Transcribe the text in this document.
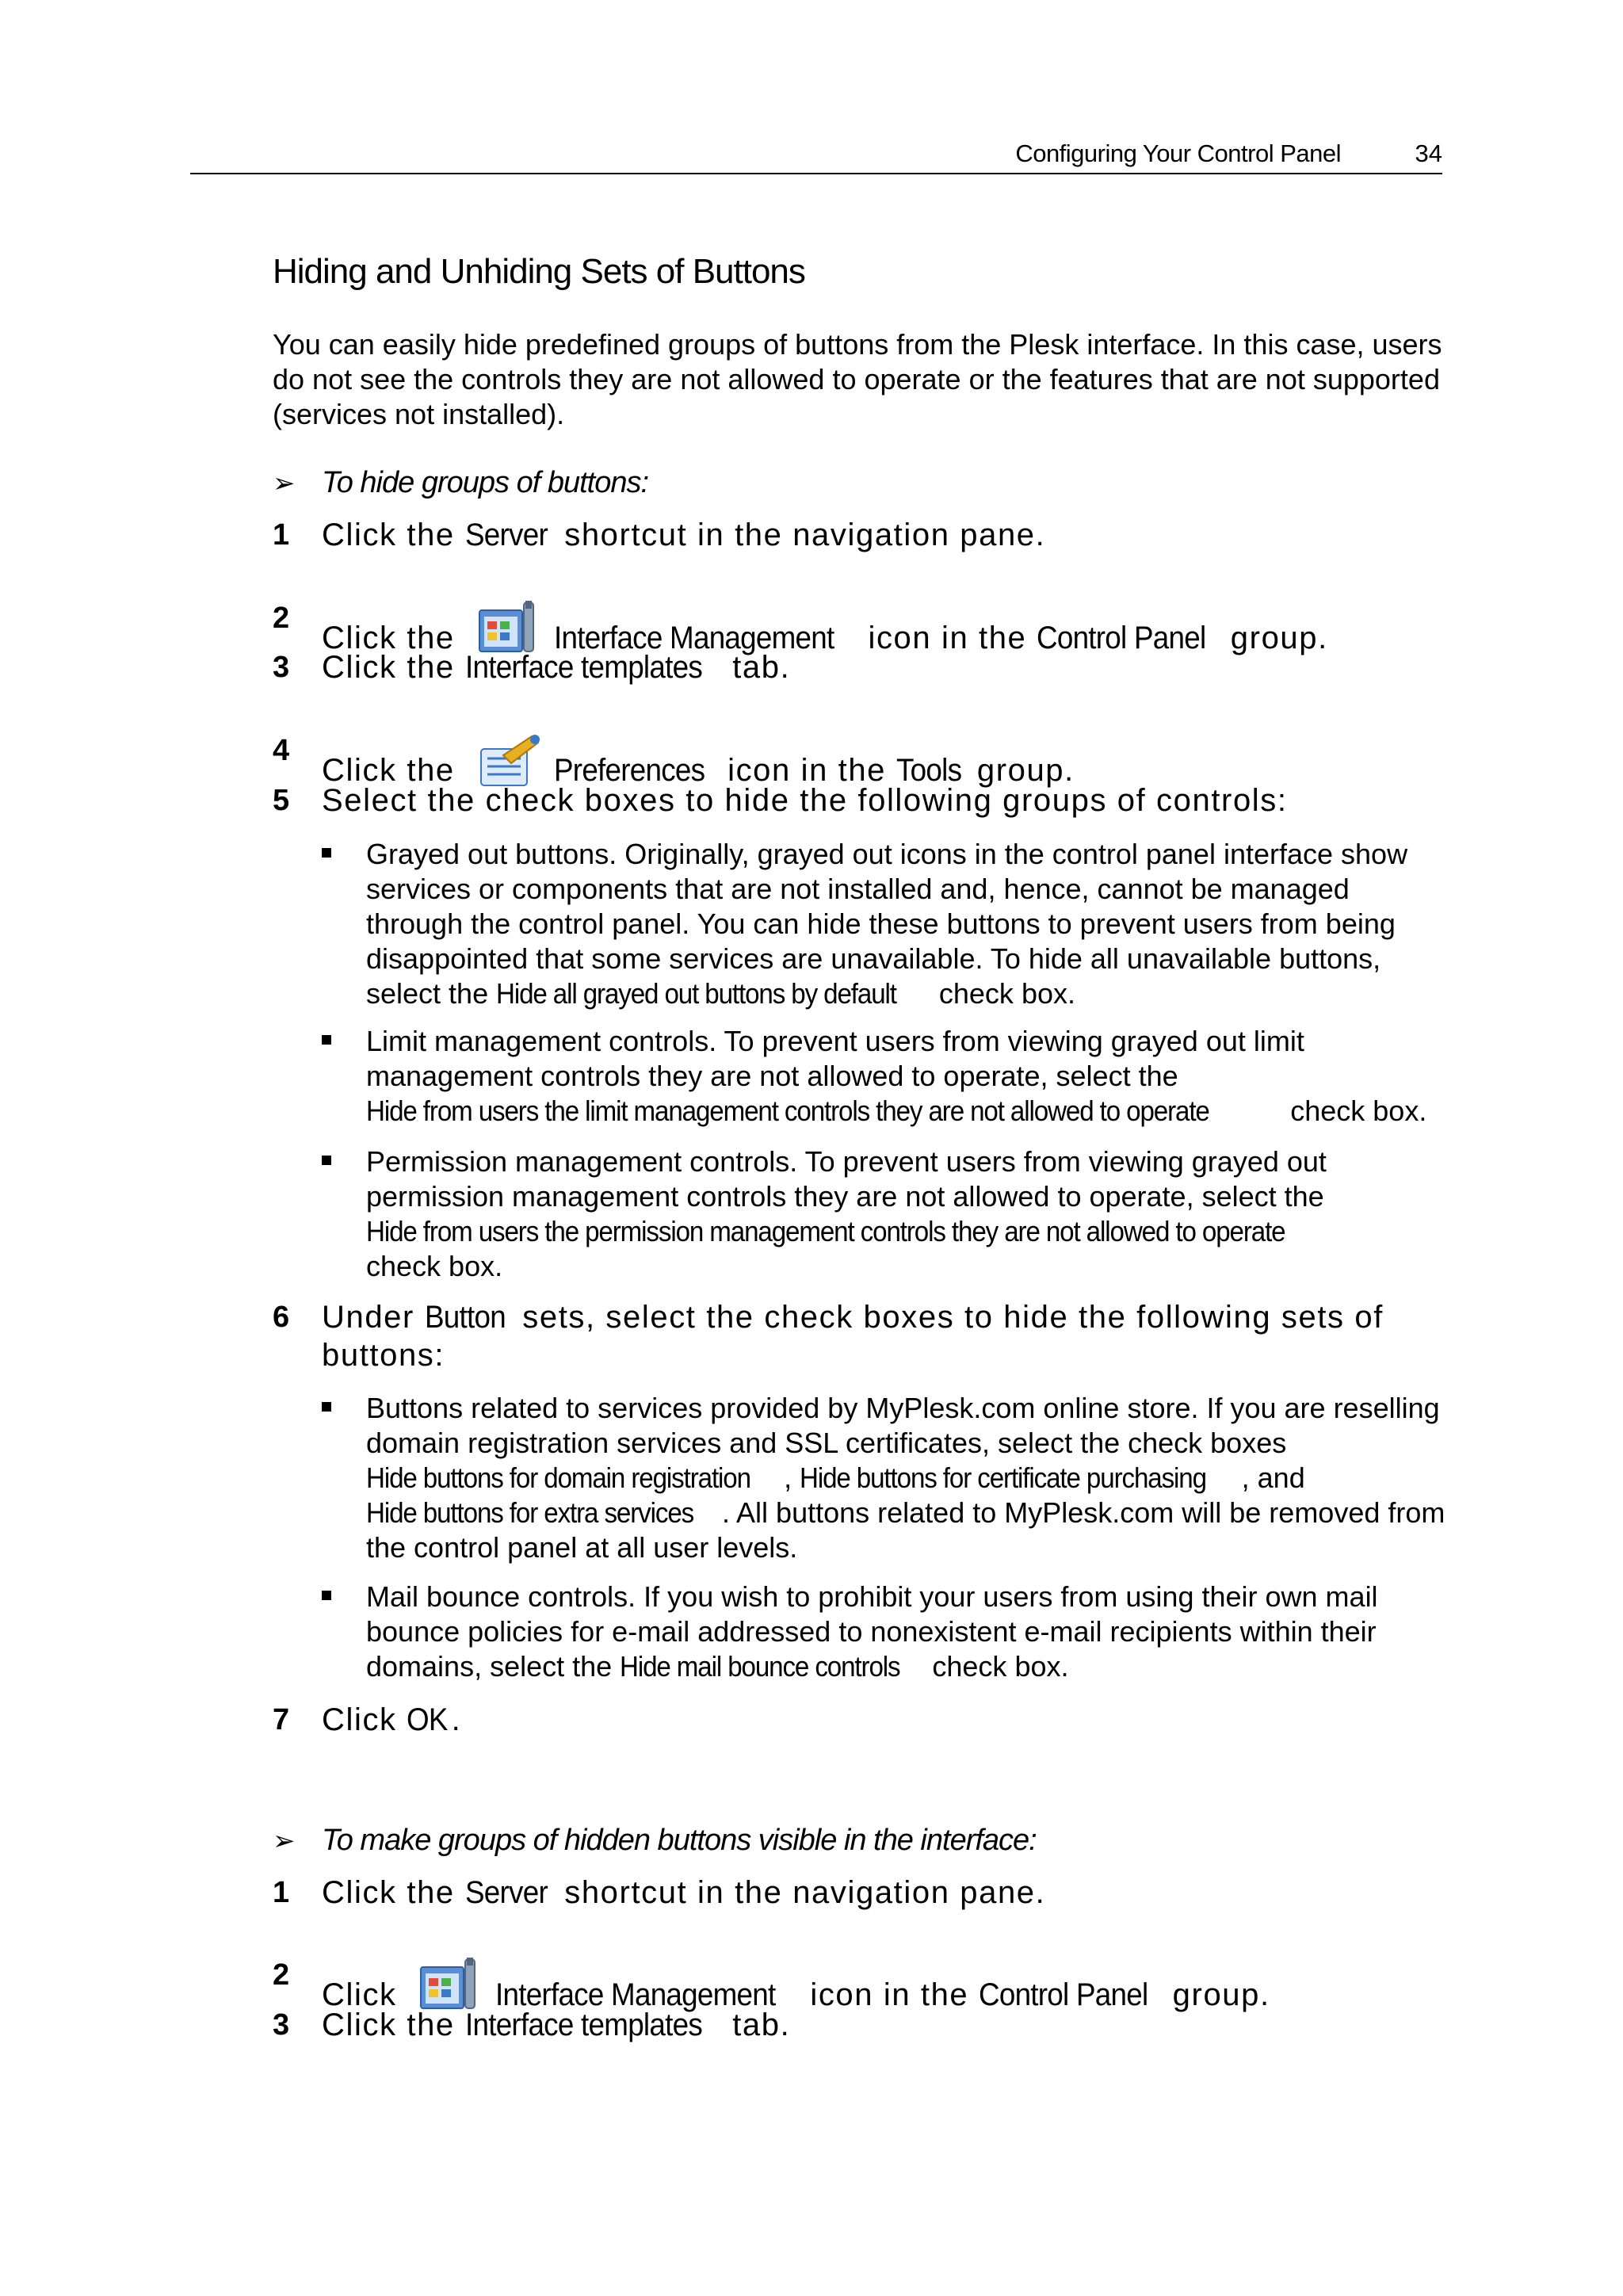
Configuring Your Control Panel	34
Hiding and Unhiding Sets of Buttons

You can easily hide predefined groups of buttons from the Plesk interface. In this case, users do not see the controls they are not allowed to operate or the features that are not supported (services not installed).

➢ To hide groups of buttons:
1	Click the Server shortcut in the navigation pane.
2
Click the	Interface Management icon in the Control Panel group.
3	Click the Interface templates tab.
4
Click the	Preferences icon in the Tools group.
5	Select the check boxes to hide the following groups of controls:
Grayed out buttons. Originally, grayed out icons in the control panel interface show services or components that are not installed and, hence, cannot be managed through the control panel. You can hide these buttons to prevent users from being disappointed that some services are unavailable. To hide all unavailable buttons, select the Hide all grayed out buttons by default check box.
Limit management controls. To prevent users from viewing grayed out limit management controls they are not allowed to operate, select the Hide from users the limit management controls they are not allowed to operate	check box.
Permission management controls. To prevent users from viewing grayed out permission management controls they are not allowed to operate, select the Hide from users the permission management controls they are not allowed to operate check box.
6	Under Button sets, select the check boxes to hide the following sets of buttons:
Buttons related to services provided by MyPlesk.com online store. If you are reselling domain registration services and SSL certificates, select the check boxes Hide buttons for domain registration , Hide buttons for certificate purchasing , and Hide buttons for extra services . All buttons related to MyPlesk.com will be removed from the control panel at all user levels.
Mail bounce controls. If you wish to prohibit your users from using their own mail bounce policies for e-mail addressed to nonexistent e-mail recipients within their domains, select the Hide mail bounce controls check box.
7	Click OK .
➢ To make groups of hidden buttons visible in the interface:
1	Click the Server shortcut in the navigation pane.
2
Click	Interface Management icon in the Control Panel group.
3	Click the Interface templates tab.
